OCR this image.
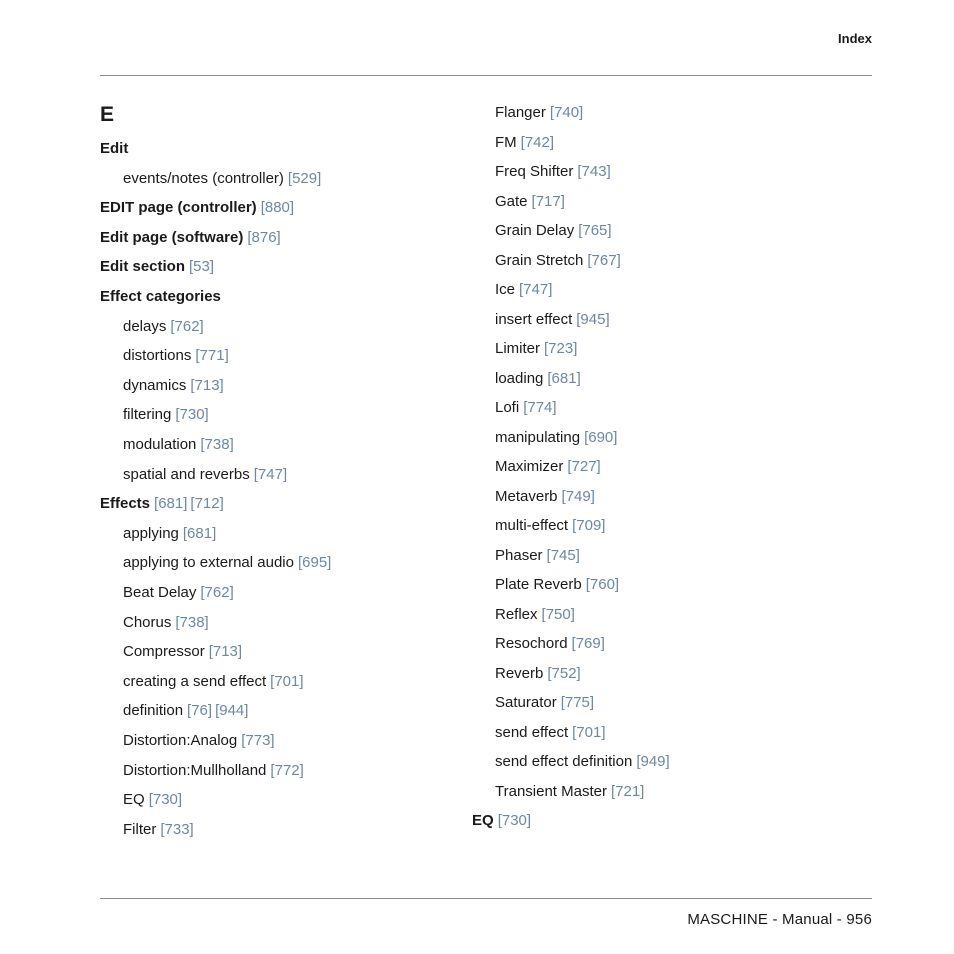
Index
E
Edit
events/notes (controller) [529]
EDIT page (controller) [880]
Edit page (software) [876]
Edit section [53]
Effect categories
delays [762]
distortions [771]
dynamics [713]
filtering [730]
modulation [738]
spatial and reverbs [747]
Effects [681] [712]
applying [681]
applying to external audio [695]
Beat Delay [762]
Chorus [738]
Compressor [713]
creating a send effect [701]
definition [76] [944]
Distortion:Analog [773]
Distortion:Mullholland [772]
EQ [730]
Filter [733]
Flanger [740]
FM [742]
Freq Shifter [743]
Gate [717]
Grain Delay [765]
Grain Stretch [767]
Ice [747]
insert effect [945]
Limiter [723]
loading [681]
Lofi [774]
manipulating [690]
Maximizer [727]
Metaverb [749]
multi-effect [709]
Phaser [745]
Plate Reverb [760]
Reflex [750]
Resochord [769]
Reverb [752]
Saturator [775]
send effect [701]
send effect definition [949]
Transient Master [721]
EQ [730]
MASCHINE - Manual - 956
